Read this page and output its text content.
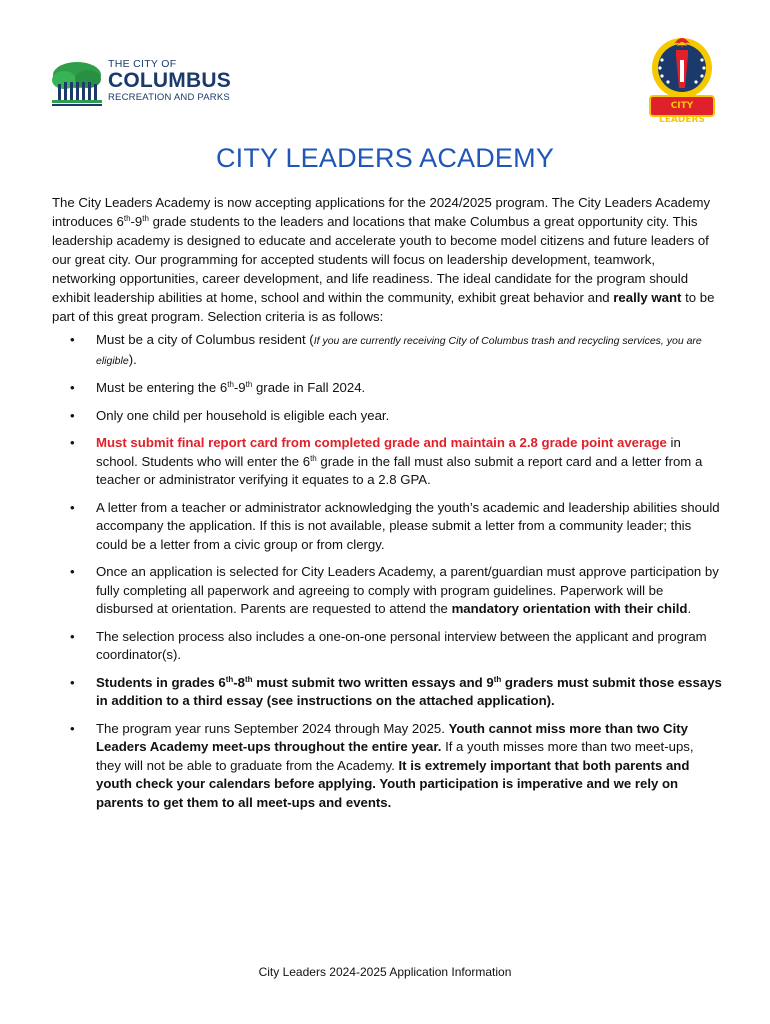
THE CITY OF
COLUMBUS
RECREATION AND PARKS
CITY LEADERS
CITY LEADERS ACADEMY

The City Leaders Academy is now accepting applications for the 2024/2025 program. The City Leaders Academy introduces 6th-9th grade students to the leaders and locations that make Columbus a great opportunity city. This leadership academy is designed to educate and accelerate youth to become model citizens and future leaders of our great city. Our programming for accepted students will focus on leadership development, teamwork, networking opportunities, career development, and life readiness. The ideal candidate for the program should exhibit leadership abilities at home, school and within the community, exhibit great behavior and really want to be part of this great program. Selection criteria is as follows:

• Must be a city of Columbus resident (If you are currently receiving City of Columbus trash and recycling services, you are eligible).
• Must be entering the 6th-9th grade in Fall 2024.
• Only one child per household is eligible each year.
• Must submit final report card from completed grade and maintain a 2.8 grade point average in school. Students who will enter the 6th grade in the fall must also submit a report card and a letter from a teacher or administrator verifying it equates to a 2.8 GPA.
• A letter from a teacher or administrator acknowledging the youth’s academic and leadership abilities should accompany the application. If this is not available, please submit a letter from a community leader; this could be a letter from a civic group or from clergy.
• Once an application is selected for City Leaders Academy, a parent/guardian must approve participation by fully completing all paperwork and agreeing to comply with program guidelines. Paperwork will be disbursed at orientation. Parents are requested to attend the mandatory orientation with their child.
• The selection process also includes a one-on-one personal interview between the applicant and program coordinator(s).
• Students in grades 6th-8th must submit two written essays and 9th graders must submit those essays in addition to a third essay (see instructions on the attached application).
• The program year runs September 2024 through May 2025. Youth cannot miss more than two City Leaders Academy meet-ups throughout the entire year. If a youth misses more than two meet-ups, they will not be able to graduate from the Academy. It is extremely important that both parents and youth check your calendars before applying. Youth participation is imperative and we rely on parents to get them to all meet-ups and events.
City Leaders 2024-2025 Application Information
